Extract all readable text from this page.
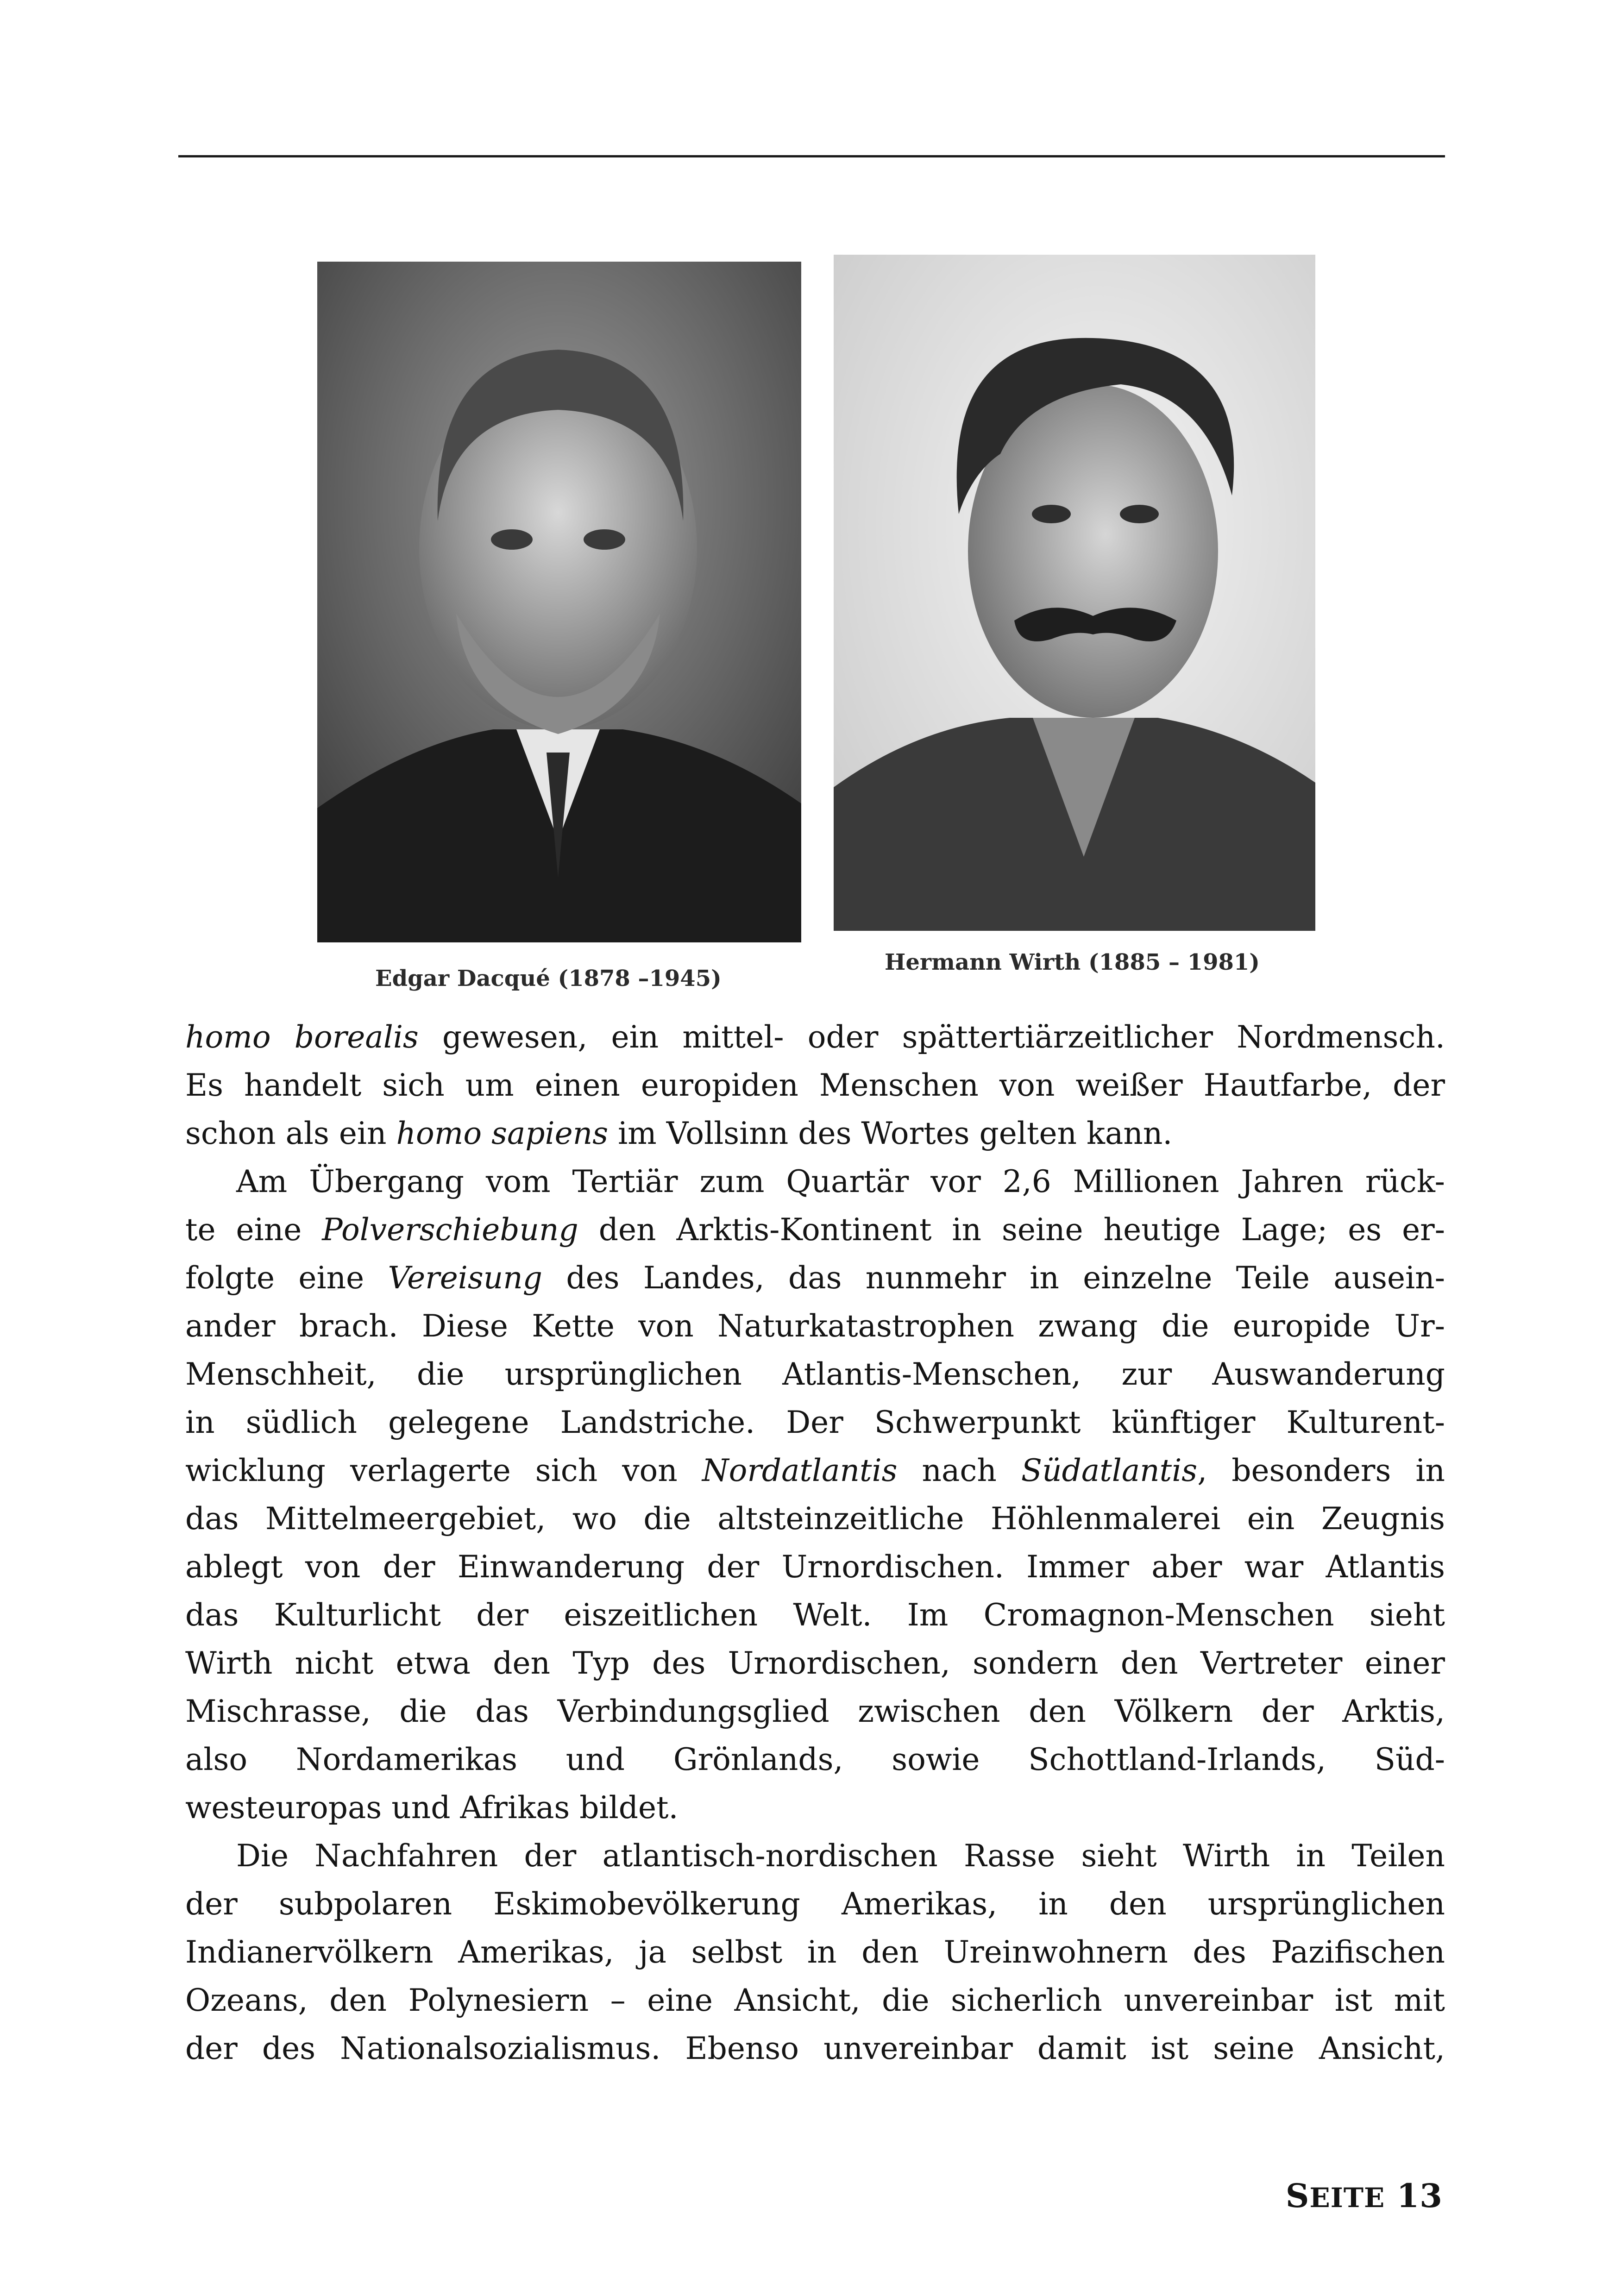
Edgar Dacqué (1878 –1945)
Hermann Wirth (1885 – 1981)
homo borealis gewesen, ein mittel- oder spättertiärzeitlicher Nordmensch.
Es handelt sich um einen europiden Menschen von weißer Hautfarbe, der
schon als ein homo sapiens im Vollsinn des Wortes gelten kann.
Am Übergang vom Tertiär zum Quartär vor 2,6 Millionen Jahren rück-
te eine Polverschiebung den Arktis-Kontinent in seine heutige Lage; es er-
folgte eine Vereisung des Landes, das nunmehr in einzelne Teile ausein-
ander brach. Diese Kette von Naturkatastrophen zwang die europide Ur-
Menschheit, die ursprünglichen Atlantis-Menschen, zur Auswanderung
in südlich gelegene Landstriche. Der Schwerpunkt künftiger Kulturent-
wicklung verlagerte sich von Nordatlantis nach Südatlantis, besonders in
das Mittelmeergebiet, wo die altsteinzeitliche Höhlenmalerei ein Zeugnis
ablegt von der Einwanderung der Urnordischen. Immer aber war Atlantis
das Kulturlicht der eiszeitlichen Welt. Im Cromagnon-Menschen sieht
Wirth nicht etwa den Typ des Urnordischen, sondern den Vertreter einer
Mischrasse, die das Verbindungsglied zwischen den Völkern der Arktis,
also Nordamerikas und Grönlands, sowie Schottland-Irlands, Süd-
westeuropas und Afrikas bildet.
Die Nachfahren der atlantisch-nordischen Rasse sieht Wirth in Teilen
der subpolaren Eskimobevölkerung Amerikas, in den ursprünglichen
Indianervölkern Amerikas, ja selbst in den Ureinwohnern des Pazifischen
Ozeans, den Polynesiern – eine Ansicht, die sicherlich unvereinbar ist mit
der des Nationalsozialismus. Ebenso unvereinbar damit ist seine Ansicht,
SEITE 13
